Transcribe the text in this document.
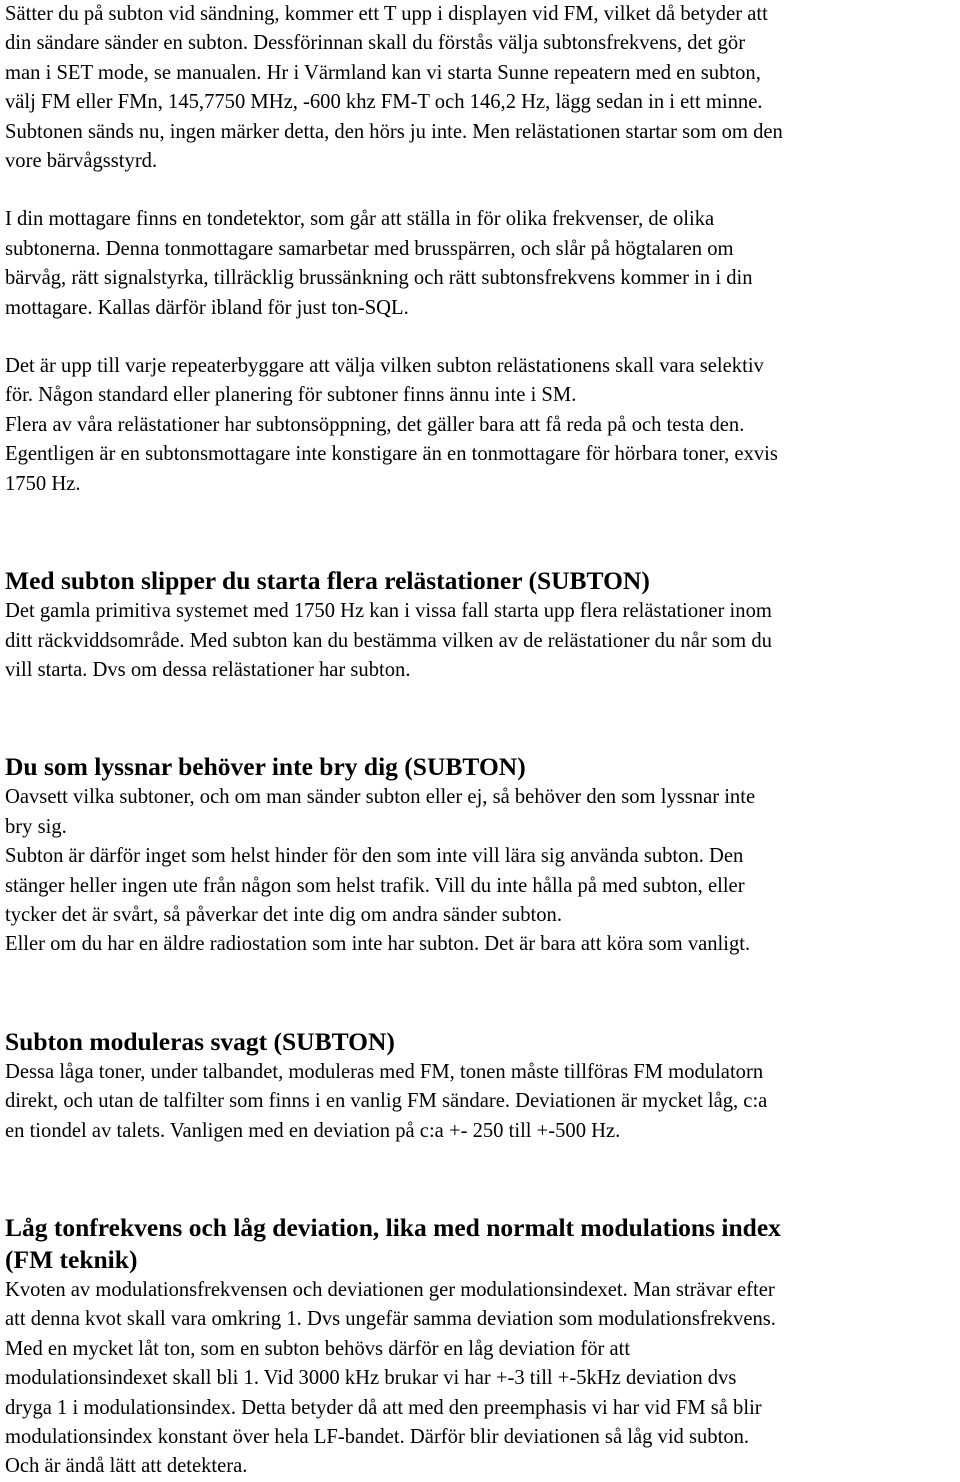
Sätter du på subton vid sändning, kommer ett T upp i displayen vid FM, vilket då betyder att
din sändare sänder en subton. Dessförinnan skall du förstås välja subtonsfrekvens, det gör
man i SET mode, se manualen. Hr i Värmland kan vi starta Sunne repeatern med en subton,
välj FM eller FMn, 145,7750 MHz, -600 khz FM-T och 146,2 Hz, lägg sedan in i ett minne.
Subtonen sänds nu, ingen märker detta, den hörs ju inte. Men relästationen startar som om den
vore bärvågsstyrd.

I din mottagare finns en tondetektor, som går att ställa in för olika frekvenser, de olika
subtonerna. Denna tonmottagare samarbetar med brusspärren, och slår på högtalaren om
bärvåg, rätt signalstyrka, tillräcklig brussänkning och rätt subtonsfrekvens kommer in i din
mottagare. Kallas därför ibland för just ton-SQL.

Det är upp till varje repeaterbyggare att välja vilken subton relästationens skall vara selektiv
för. Någon standard eller planering för subtoner finns ännu inte i SM.
Flera av våra relästationer har subtonsöppning, det gäller bara att få reda på och testa den.
Egentligen är en subtonsmottagare inte konstigare än en tonmottagare för hörbara toner, exvis
1750 Hz.

Med subton slipper du starta flera relästationer (SUBTON)

Det gamla primitiva systemet med 1750 Hz kan i vissa fall starta upp flera relästationer inom
ditt räckviddsområde. Med subton kan du bestämma vilken av de relästationer du når som du
vill starta. Dvs om dessa relästationer har subton.

Du som lyssnar behöver inte bry dig (SUBTON)

Oavsett vilka subtoner, och om man sänder subton eller ej, så behöver den som lyssnar inte
bry sig.
Subton är därför inget som helst hinder för den som inte vill lära sig använda subton. Den
stänger heller ingen ute från någon som helst trafik. Vill du inte hålla på med subton, eller
tycker det är svårt, så påverkar det inte dig om andra sänder subton.
Eller om du har en äldre radiostation som inte har subton. Det är bara att köra som vanligt.

Subton moduleras svagt (SUBTON)

Dessa låga toner, under talbandet, moduleras med FM, tonen måste tillföras FM modulatorn
direkt, och utan de talfilter som finns i en vanlig FM sändare. Deviationen är mycket låg, c:a
en tiondel av talets. Vanligen med en deviation på c:a +- 250 till +-500 Hz.

Låg tonfrekvens och låg deviation, lika med normalt modulations index
(FM teknik)

Kvoten av modulationsfrekvensen och deviationen ger modulationsindexet. Man strävar efter
att denna kvot skall vara omkring 1. Dvs ungefär samma deviation som modulationsfrekvens.
Med en mycket låt ton, som en subton behövs därför en låg deviation för att
modulationsindexet skall bli 1. Vid 3000 kHz brukar vi har +-3 till +-5kHz deviation dvs
dryga 1 i modulationsindex. Detta betyder då att med den preemphasis vi har vid FM så blir
modulationsindex konstant över hela LF-bandet. Därför blir deviationen så låg vid subton.
Och är ändå lätt att detektera.
